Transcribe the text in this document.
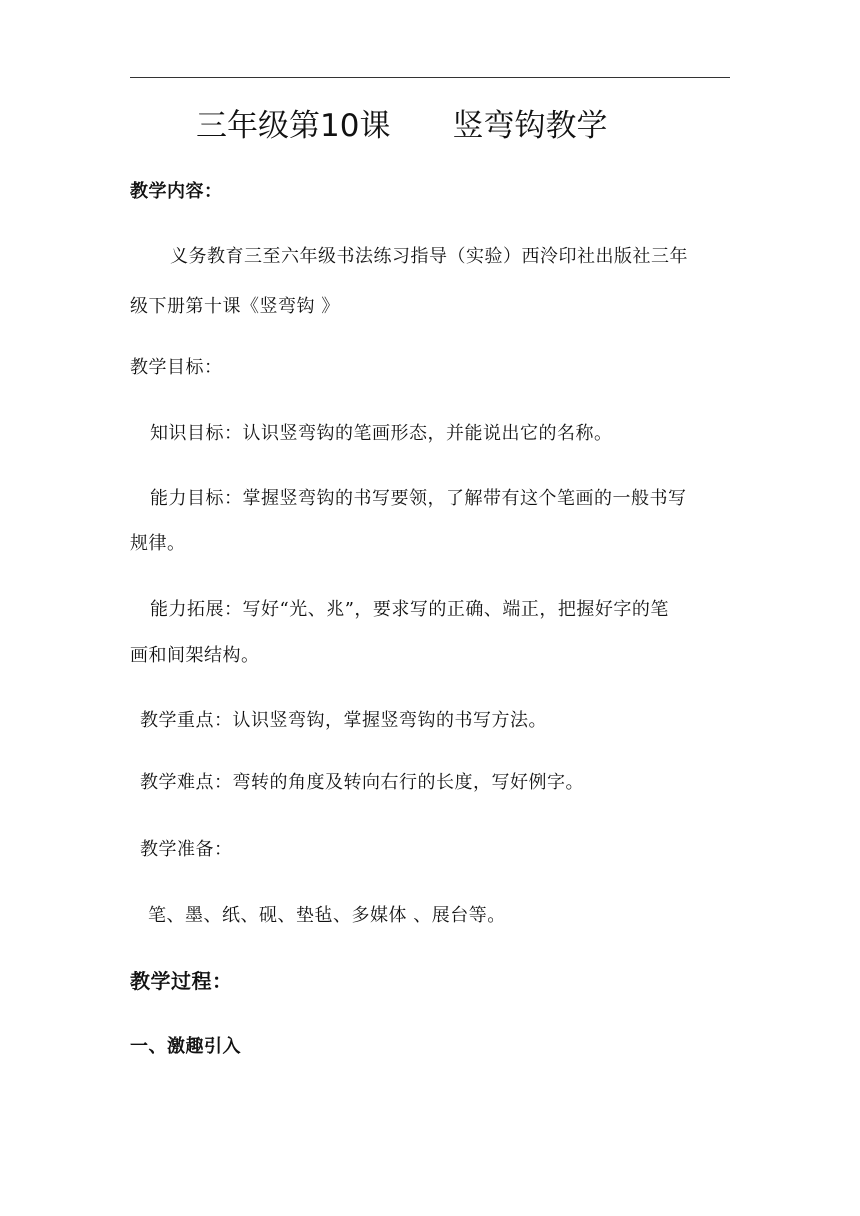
三年级第10课 竖弯钩教学
教学内容：
义务教育三至六年级书法练习指导（实验）西泠印社出版社三年
级下册第十课《竖弯钩 》
教学目标：
知识目标：认识竖弯钩的笔画形态，并能说出它的名称。
能力目标：掌握竖弯钩的书写要领，了解带有这个笔画的一般书写
规律。
能力拓展：写好“光、兆”，要求写的正确、端正，把握好字的笔
画和间架结构。
教学重点：认识竖弯钩，掌握竖弯钩的书写方法。
教学难点：弯转的角度及转向右行的长度，写好例字。
教学准备：
笔、墨、纸、砚、垫毡、多媒体 、展台等。
教学过程：
一、激趣引入
